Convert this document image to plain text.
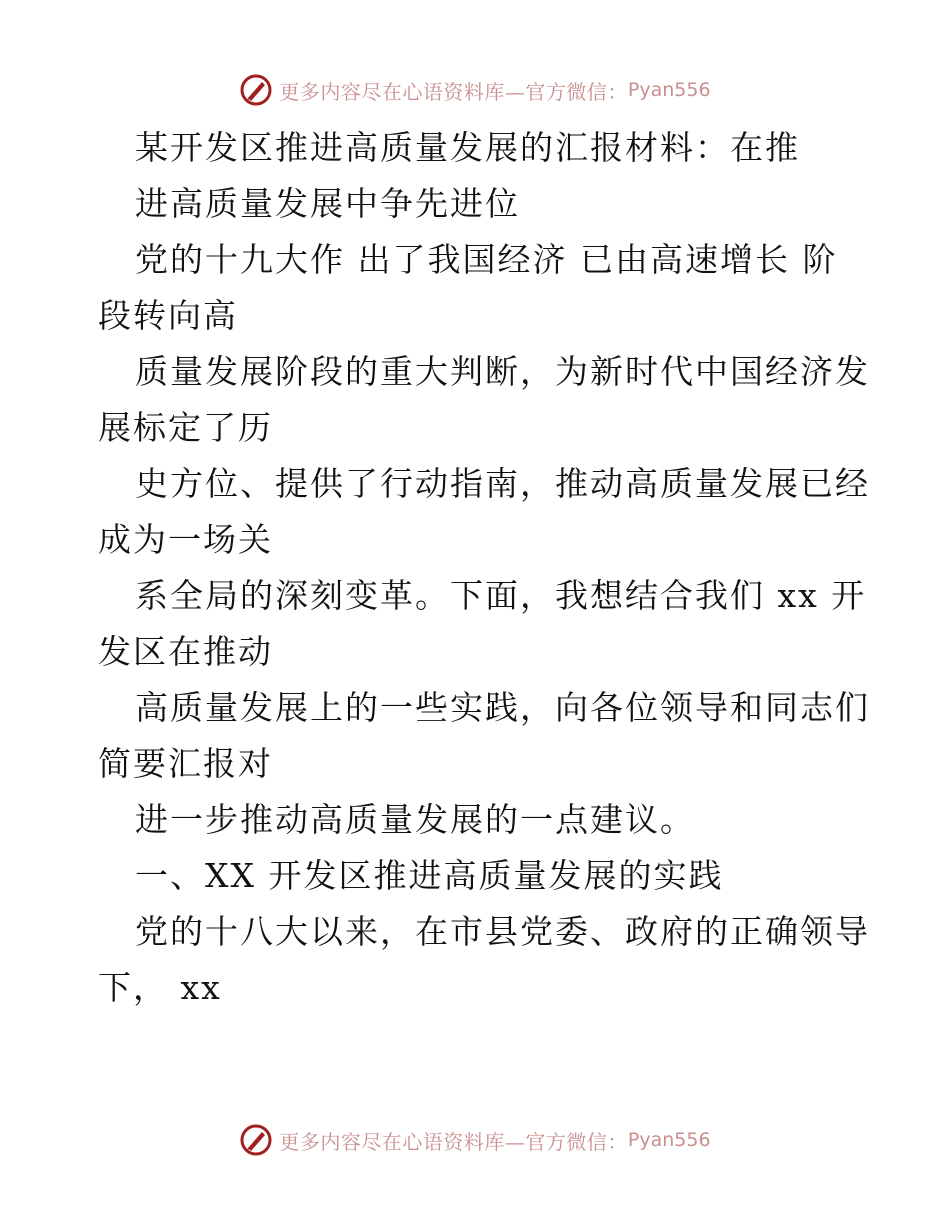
更多内容尽在心语资料库—官方微信： Pyan556
某开发区推进高质量发展的汇报材料：在推
进高质量发展中争先进位
党的十九大作 出了我国经济 已由高速增长 阶
段转向高
质量发展阶段的重大判断，为新时代中国经济发
展标定了历
史方位、提供了行动指南，推动高质量发展已经
成为一场关
系全局的深刻变革。下面，我想结合我们 xx 开
发区在推动
高质量发展上的一些实践，向各位领导和同志们
简要汇报对
进一步推动高质量发展的一点建议。
一、XX 开发区推进高质量发展的实践
党的十八大以来，在市县党委、政府的正确领导
下， xx
更多内容尽在心语资料库—官方微信： Pyan556
